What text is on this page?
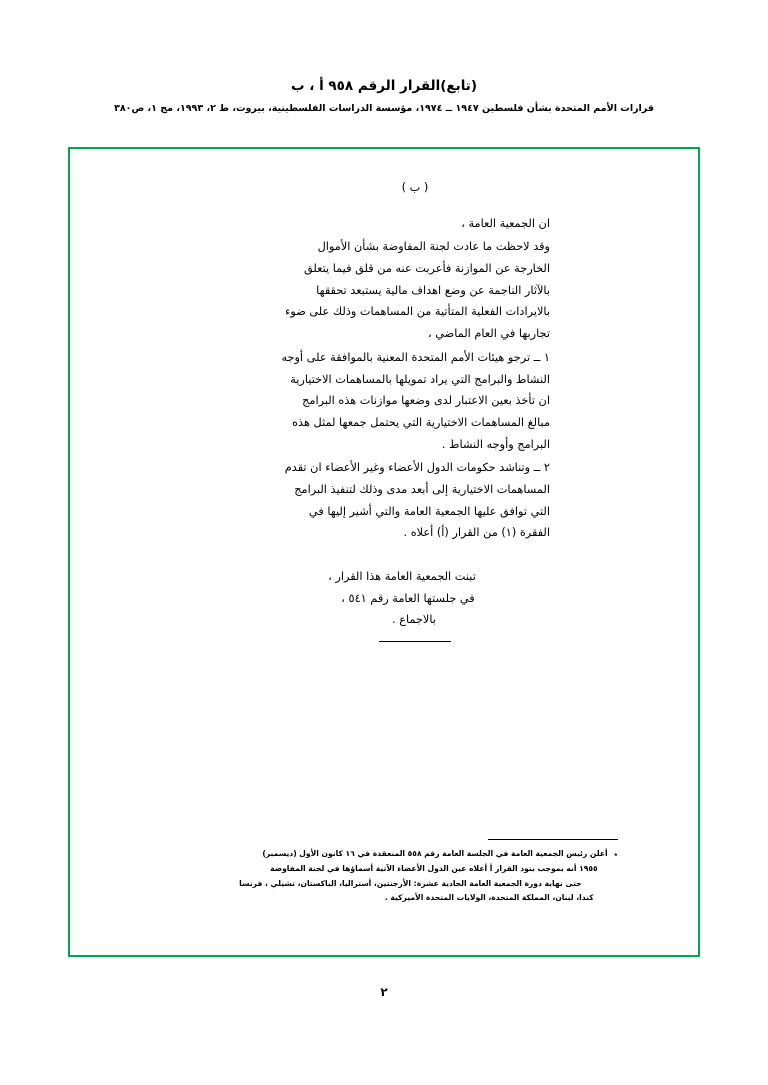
(تابع)القرار الرقم ٩٥٨ أ ، ب
قرارات الأمم المتحدة بشأن فلسطين ١٩٤٧ ــ ١٩٧٤، مؤسسة الدراسات الفلسطينية، بيروت، ط ٢، ١٩٩٣، مج ١، ص٣٨٠
( ب )
ان الجمعية العامة ،
وقد لاحظت ما عادت لجنة المفاوضة بشأن الأموال الخارجة عن الموازنة فأعربت عنه من قلق فيما يتعلق بالآثار الناجمة عن وضع اهداف مالية يستبعد تحققها بالايرادات الفعلية المتأتية من المساهمات وذلك على ضوء تجاربها في العام الماضي ،
١ ــ ترجو هيئات الأمم المتحدة المعنية بالموافقة على أوجه النشاط والبرامج التي يراد تمويلها بالمساهمات الاختيارية ان تأخذ بعين الاعتبار لدى وضعها موازنات هذه البرامج مبالغ المساهمات الاختيارية التي يحتمل جمعها لمثل هذه البرامج وأوجه النشاط .
٢ ــ وتناشد حكومات الدول الأعضاء وغير الأعضاء ان تقدم المساهمات الاختيارية إلى أبعد مدى وذلك لتنفيذ البرامج التي توافق عليها الجمعية العامة والتي أشير إليها في الفقرة (١) من القرار (أ) أعلاه .
تبنت الجمعية العامة هذا القرار ،
في جلستها العامة رقم ٥٤١ ،
بالاجماع .
٭
أعلن رئيس الجمعية العامة في الجلسة العامة رقم ٥٥٨ المنعقدة في ١٦ كانون الأول (ديسمبر)
١٩٥٥ أنه بموجب بنود القرار أ أعلاه عين الدول الأعضاء الآتية أسماؤها في لجنة المفاوضة
حتى نهاية دورة الجمعية العامة الحادية عشرة: الأرجنتين، أستراليا، الباكستان، تشيلي ، فرنسا
كندا، لبنان، المملكة المتحدة، الولايات المتحدة الأميركية .
٢
